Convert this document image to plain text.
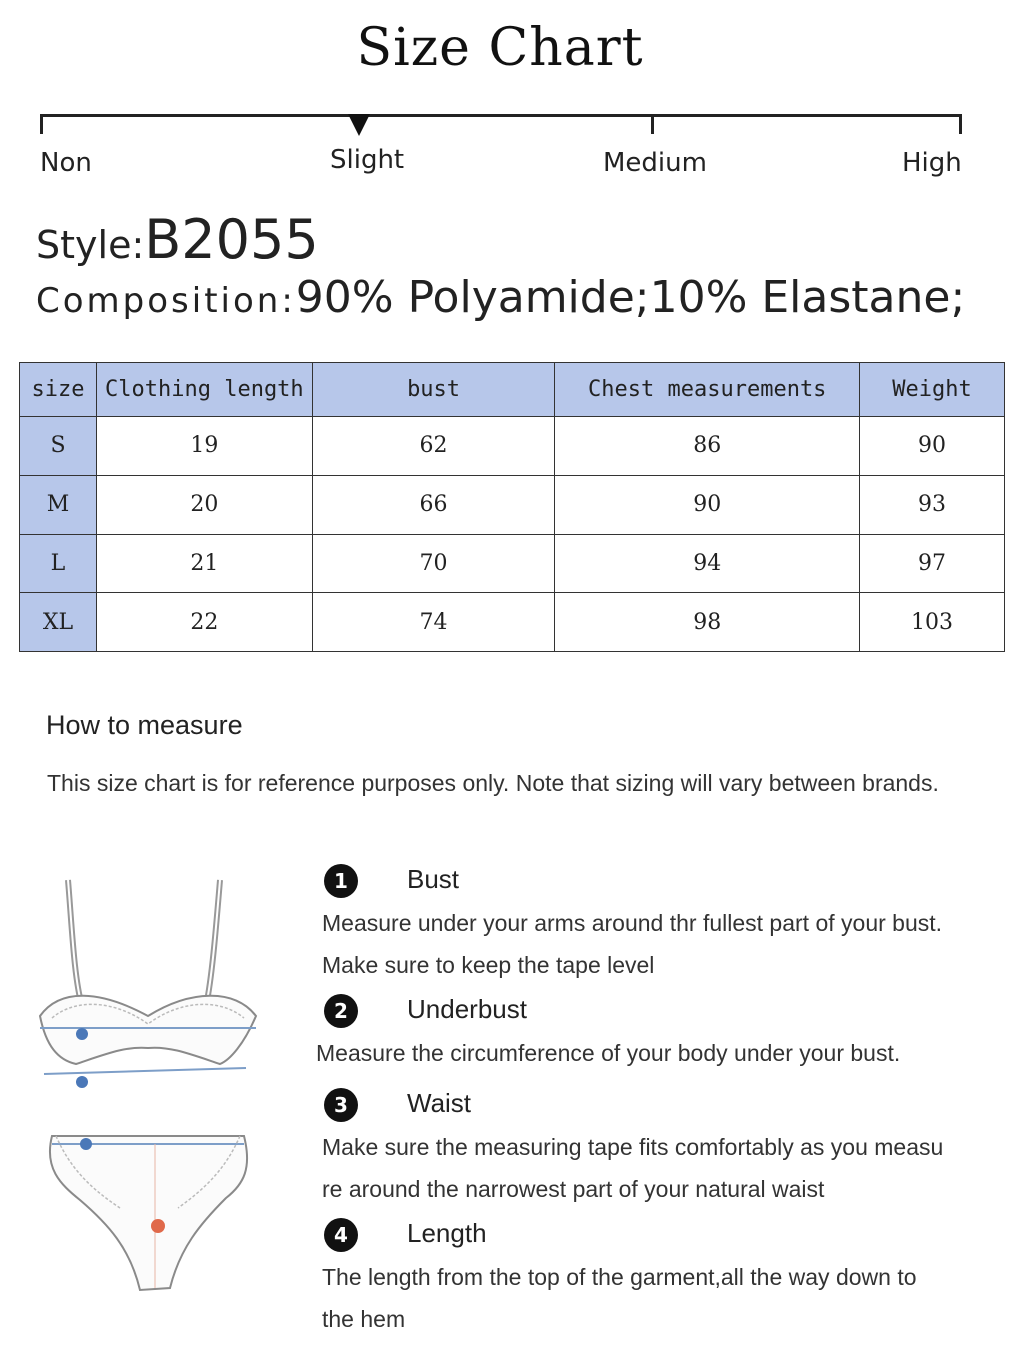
Size Chart
Non	Slight	Medium	High
Style:B2055
Composition:90% Polyamide;10% Elastane;
size	Clothing length	bust	Chest measurements	Weight
S	19	62	86	90
M	20	66	90	93
L	21	70	94	97
XL	22	74	98	103
How to measure
This size chart is for reference purposes only. Note that sizing will vary between brands.
1	Bust
Measure under your arms around thr fullest part of your bust.
Make sure to keep the tape level
2	Underbust
Measure the circumference of your body under your bust.
3	Waist
Make sure the measuring tape fits comfortably as you measu
re around the narrowest part of your natural waist
4	Length
The length from the top of the garment,all the way down to
the hem
